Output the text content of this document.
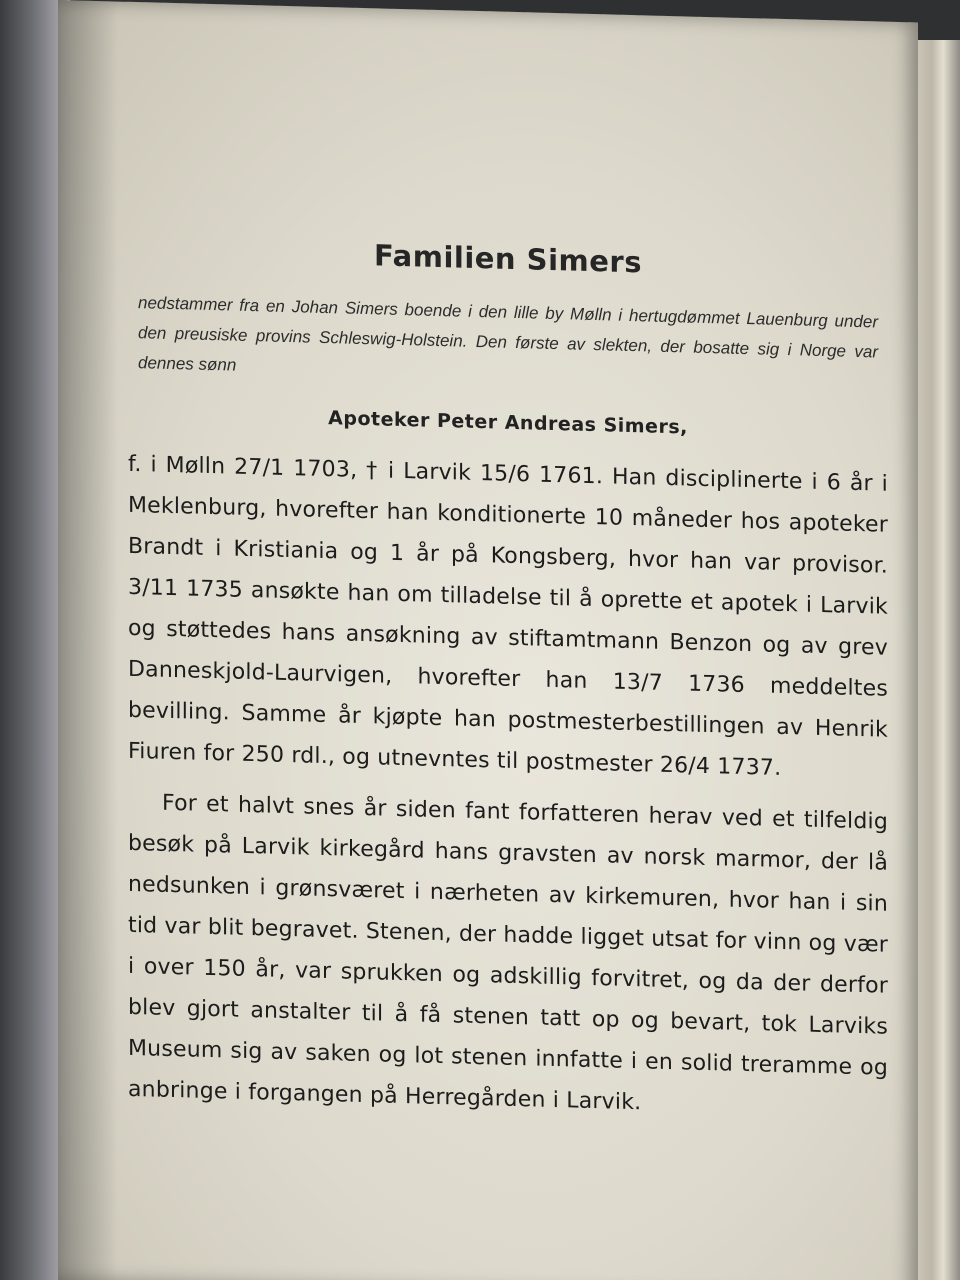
Familien Simers

nedstammer fra en Johan Simers boende i den lille by Mølln i hertugdømmet Lauenburg under den preusiske provins Schleswig-Holstein. Den første av slekten, der bosatte sig i Norge var dennes sønn

Apoteker Peter Andreas Simers,

f. i Mølln 27/1 1703, † i Larvik 15/6 1761. Han disciplinerte i 6 år i Meklenburg, hvorefter han konditionerte 10 måneder hos apoteker Brandt i Kristiania og 1 år på Kongsberg, hvor han var provisor. 3/11 1735 ansøkte han om tilladelse til å oprette et apotek i Larvik og støttedes hans ansøkning av stiftamtmann Benzon og av grev Danneskjold-Laurvigen, hvorefter han 13/7 1736 meddeltes bevilling. Samme år kjøpte han postmesterbestillingen av Henrik Fiuren for 250 rdl., og utnevntes til postmester 26/4 1737.

For et halvt snes år siden fant forfatteren herav ved et tilfeldig besøk på Larvik kirkegård hans gravsten av norsk marmor, der lå nedsunken i grønsværet i nærheten av kirkemuren, hvor han i sin tid var blit begravet. Stenen, der hadde ligget utsat for vinn og vær i over 150 år, var sprukken og adskillig forvitret, og da der derfor blev gjort anstalter til å få stenen tatt op og bevart, tok Larviks Museum sig av saken og lot stenen innfatte i en solid treramme og anbringe i forgangen på Herregården i Larvik.
